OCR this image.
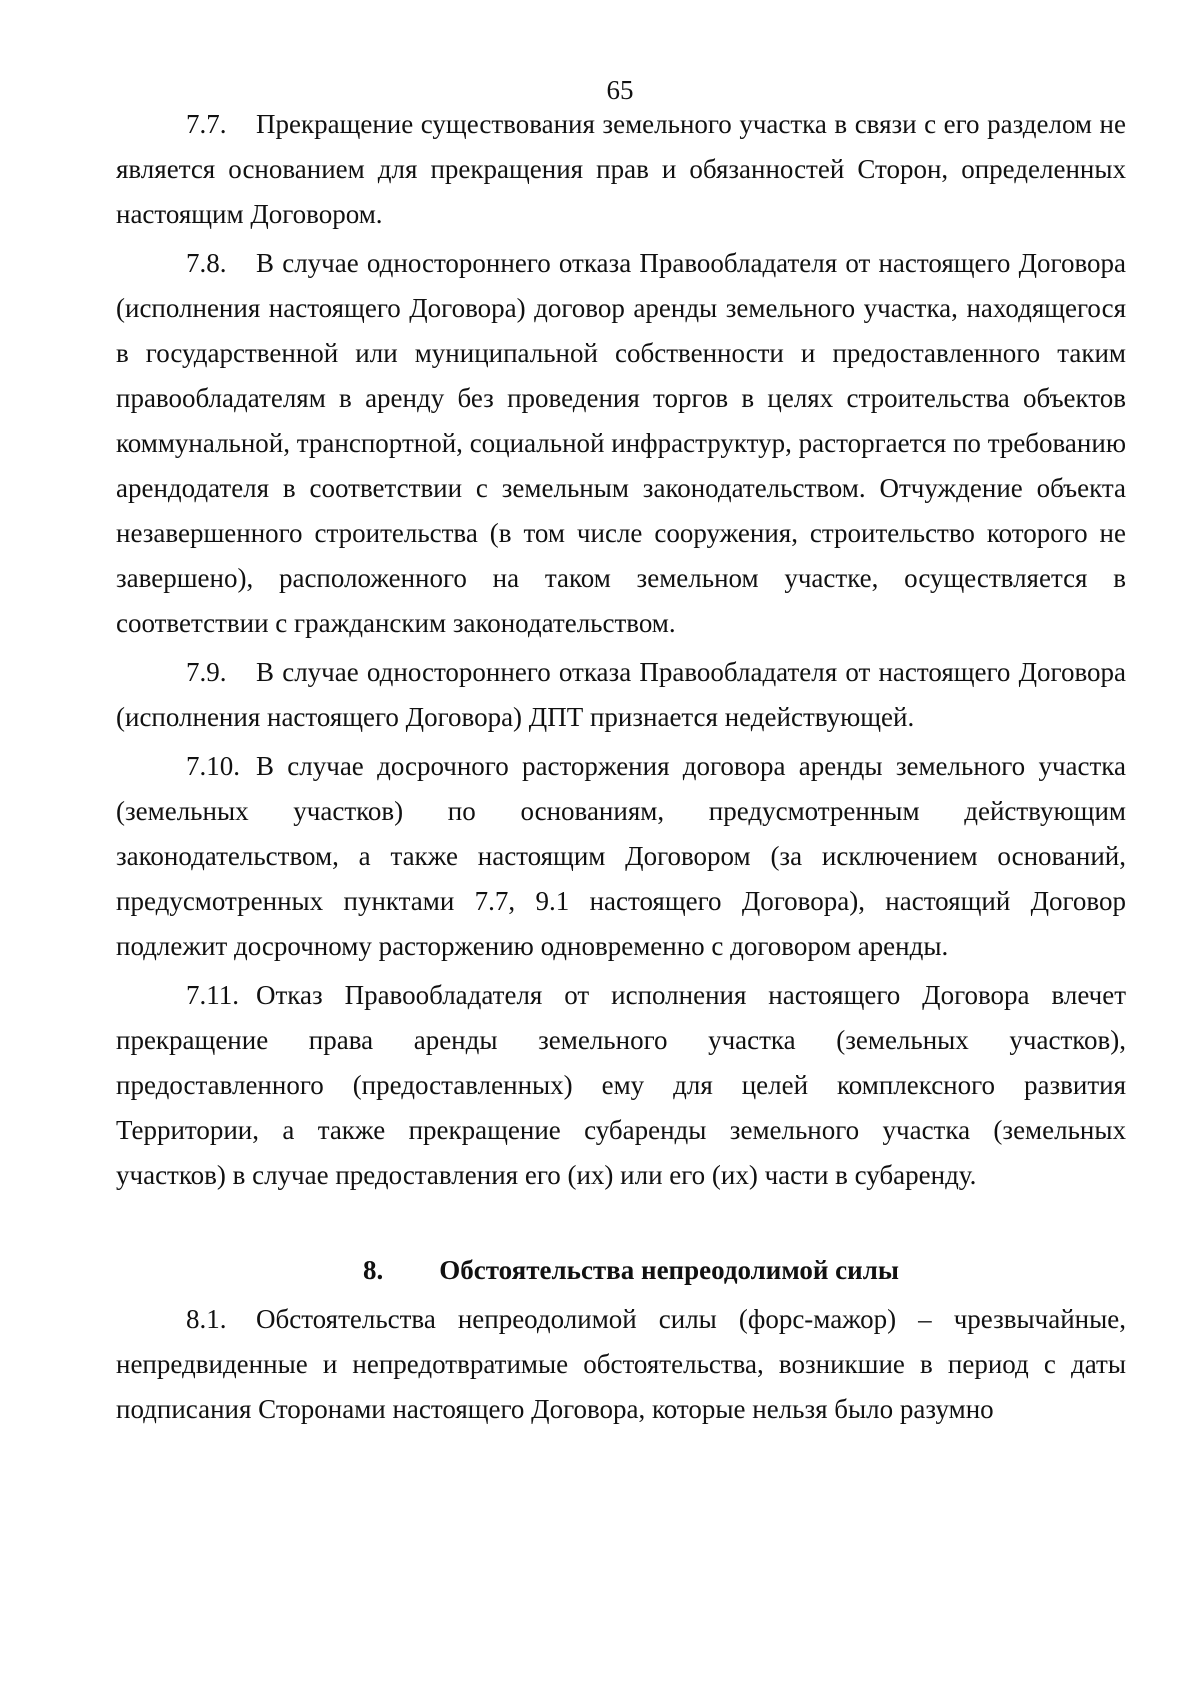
65

7.7. Прекращение существования земельного участка в связи с его разделом не является основанием для прекращения прав и обязанностей Сторон, определенных настоящим Договором.

7.8. В случае одностороннего отказа Правообладателя от настоящего Договора (исполнения настоящего Договора) договор аренды земельного участка, находящегося в государственной или муниципальной собственности и предоставленного таким правообладателям в аренду без проведения торгов в целях строительства объектов коммунальной, транспортной, социальной инфраструктур, расторгается по требованию арендодателя в соответствии с земельным законодательством. Отчуждение объекта незавершенного строительства (в том числе сооружения, строительство которого не завершено), расположенного на таком земельном участке, осуществляется в соответствии с гражданским законодательством.

7.9. В случае одностороннего отказа Правообладателя от настоящего Договора (исполнения настоящего Договора) ДПТ признается недействующей.

7.10. В случае досрочного расторжения договора аренды земельного участка (земельных участков) по основаниям, предусмотренным действующим законодательством, а также настоящим Договором (за исключением оснований, предусмотренных пунктами 7.7, 9.1 настоящего Договора), настоящий Договор подлежит досрочному расторжению одновременно с договором аренды.

7.11. Отказ Правообладателя от исполнения настоящего Договора влечет прекращение права аренды земельного участка (земельных участков), предоставленного (предоставленных) ему для целей комплексного развития Территории, а также прекращение субаренды земельного участка (земельных участков) в случае предоставления его (их) или его (их) части в субаренду.

8. Обстоятельства непреодолимой силы

8.1. Обстоятельства непреодолимой силы (форс-мажор) – чрезвычайные, непредвиденные и непредотвратимые обстоятельства, возникшие в период с даты подписания Сторонами настоящего Договора, которые нельзя было разумно
